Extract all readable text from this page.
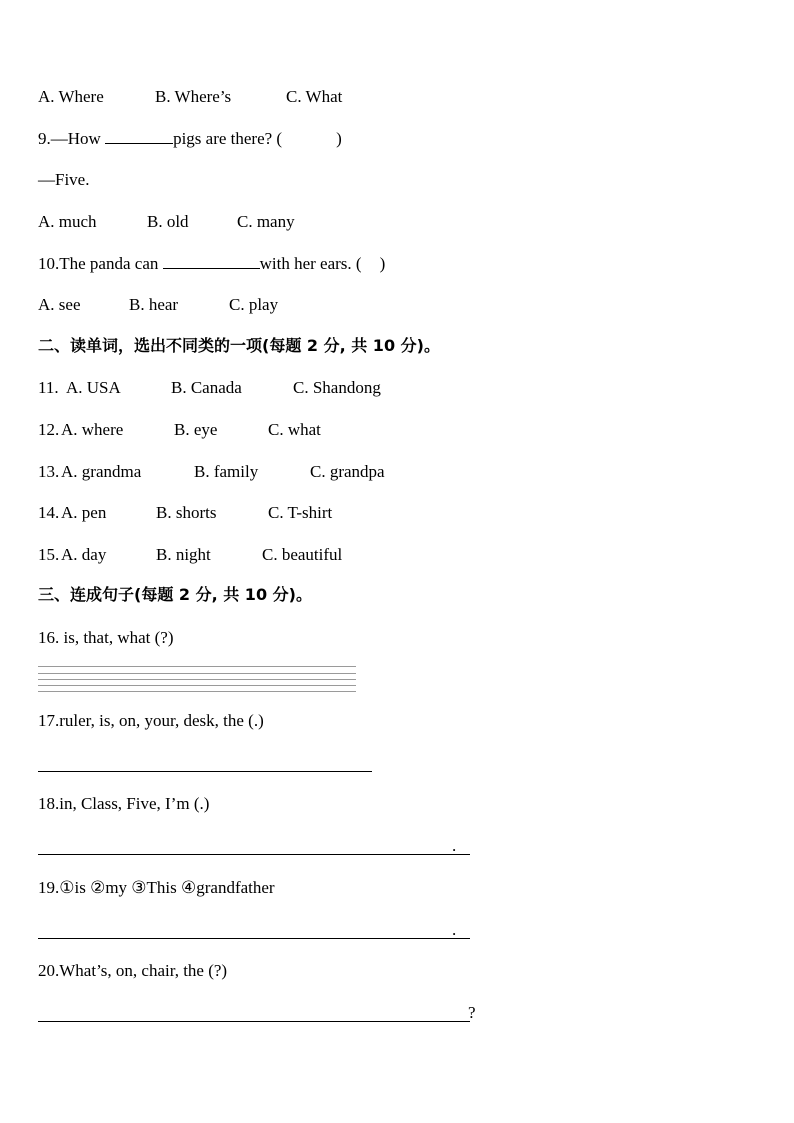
A. Where	B. Where’s	C. What
9.—How	pigs are there? (	)
—Five.
A. much	B. old	C. many
10.The panda can	with her ears. ( )
A. see	B. hear	C. play
二、读单词，选出不同类的一项(每题 2 分, 共 10 分)。
11. A. USA	B. Canada	C. Shandong
12. A. where	B. eye	C. what
13. A. grandma	B. family	C. grandpa
14. A. pen	B. shorts	C. T-shirt
15. A. day	B. night	C. beautiful
三、连成句子(每题 2 分, 共 10 分)。
16. is, that, what (?)
17.ruler, is, on, your, desk, the (.)
18.in, Class, Five, I’m (.)
.
19.①is ②my ③This ④grandfather
.
20.What’s, on, chair, the (?)
?
